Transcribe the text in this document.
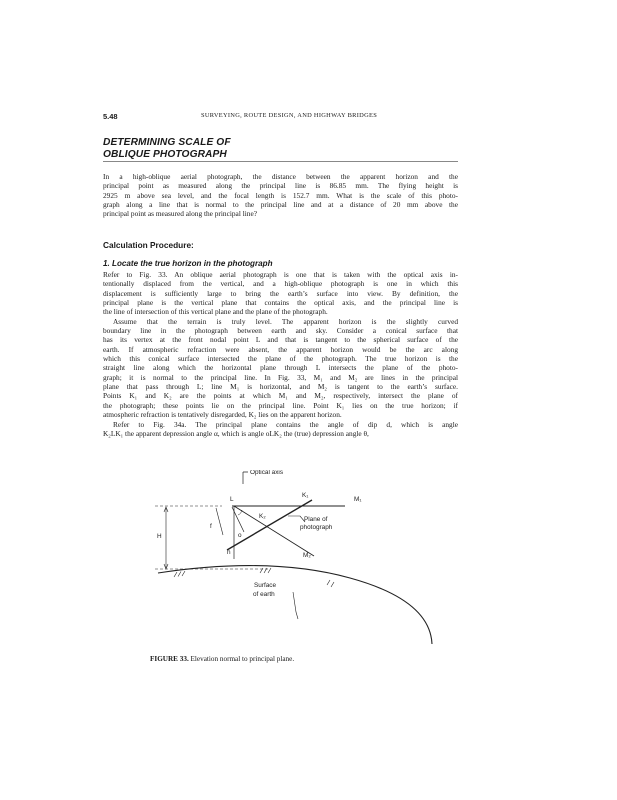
5.48	SURVEYING, ROUTE DESIGN, AND HIGHWAY BRIDGES
DETERMINING SCALE OF
OBLIQUE PHOTOGRAPH
In a high-oblique aerial photograph, the distance between the apparent horizon and the
principal point as measured along the principal line is 86.85 mm. The flying height is
2925 m above sea level, and the focal length is 152.7 mm. What is the scale of this photo-
graph along a line that is normal to the principal line and at a distance of 20 mm above the
principal point as measured along the principal line?
Calculation Procedure:
1. Locate the true horizon in the photograph
Refer to Fig. 33. An oblique aerial photograph is one that is taken with the optical axis in-
tentionally displaced from the vertical, and a high-oblique photograph is one in which this
displacement is sufficiently large to bring the earth’s surface into view. By definition, the
principal plane is the vertical plane that contains the optical axis, and the principal line is
the line of intersection of this vertical plane and the plane of the photograph.
Assume that the terrain is truly level. The apparent horizon is the slightly curved
boundary line in the photograph between earth and sky. Consider a conical surface that
has its vertex at the front nodal point L and that is tangent to the spherical surface of the
earth. If atmospheric refraction were absent, the apparent horizon would be the arc along
which this conical surface intersected the plane of the photograph. The true horizon is the
straight line along which the horizontal plane through L intersects the plane of the photo-
graph; it is normal to the principal line. In Fig. 33, M₁ and M₂ are lines in the principal
plane that pass through L; line M₁ is horizontal, and M₂ is tangent to the earth’s surface.
Points K₁ and K₂ are the points at which M₁ and M₂, respectively, intersect the plane of
the photograph; these points lie on the principal line. Point K₁ lies on the true horizon; if
atmospheric refraction is tentatively disregarded, K₂ lies on the apparent horizon.
Refer to Fig. 34a. The principal plane contains the angle of dip d, which is angle
K₂LK₁ the apparent depression angle α, which is angle oLK₂ the (true) depression angle θ,
Optical axis
L
K₁
M₁
K₂	Plane of
photograph
H
f
o
n	M₂
Surface
of earth
FIGURE 33. Elevation normal to principal plane.
